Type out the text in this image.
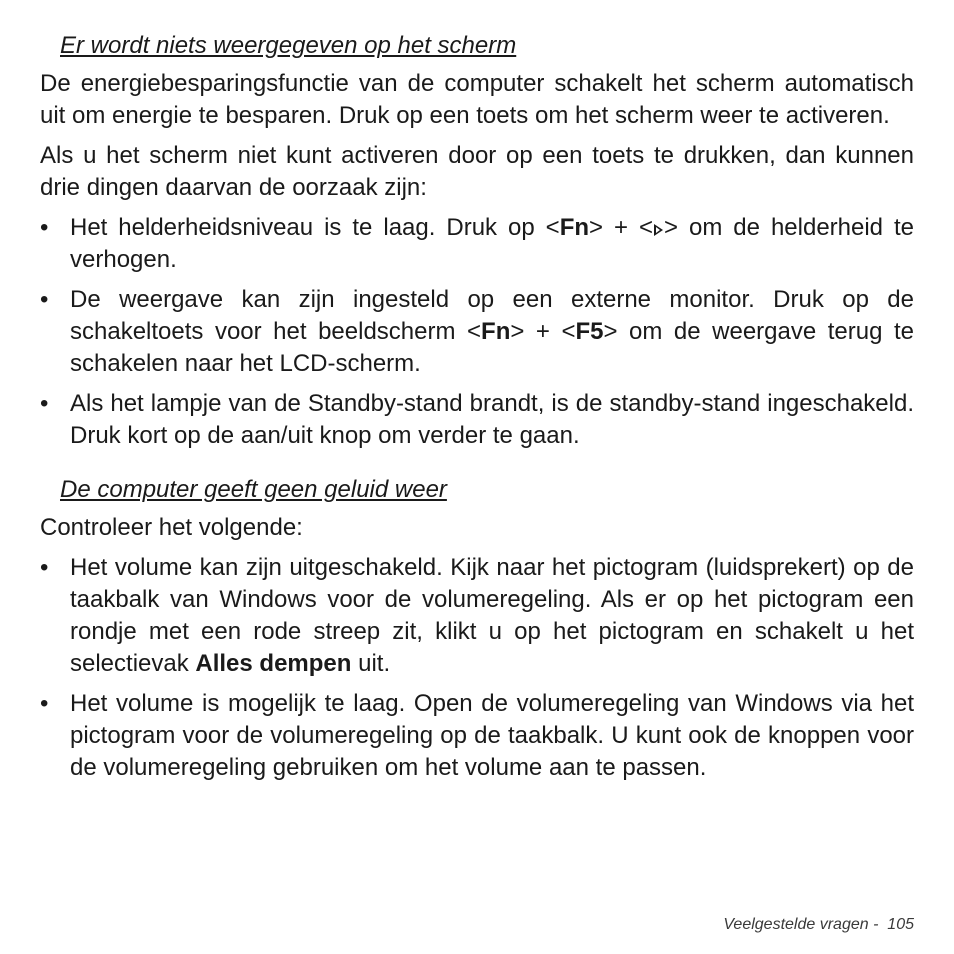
Er wordt niets weergegeven op het scherm

De energiebesparingsfunctie van de computer schakelt het scherm automatisch uit om energie te besparen. Druk op een toets om het scherm weer te activeren.

Als u het scherm niet kunt activeren door op een toets te drukken, dan kunnen drie dingen daarvan de oorzaak zijn:

• Het helderheidsniveau is te laag. Druk op <Fn> + < > om de helderheid te verhogen.
• De weergave kan zijn ingesteld op een externe monitor. Druk op de schakeltoets voor het beeldscherm <Fn> + <F5> om de weergave terug te schakelen naar het LCD-scherm.
• Als het lampje van de Standby-stand brandt, is de standby-stand ingeschakeld. Druk kort op de aan/uit knop om verder te gaan.
De computer geeft geen geluid weer

Controleer het volgende:

• Het volume kan zijn uitgeschakeld. Kijk naar het pictogram (luidsprekert) op de taakbalk van Windows voor de volumeregeling. Als er op het pictogram een rondje met een rode streep zit, klikt u op het pictogram en schakelt u het selectievak Alles dempen uit.
• Het volume is mogelijk te laag. Open de volumeregeling van Windows via het pictogram voor de volumeregeling op de taakbalk. U kunt ook de knoppen voor de volumeregeling gebruiken om het volume aan te passen.
Veelgestelde vragen - 105
